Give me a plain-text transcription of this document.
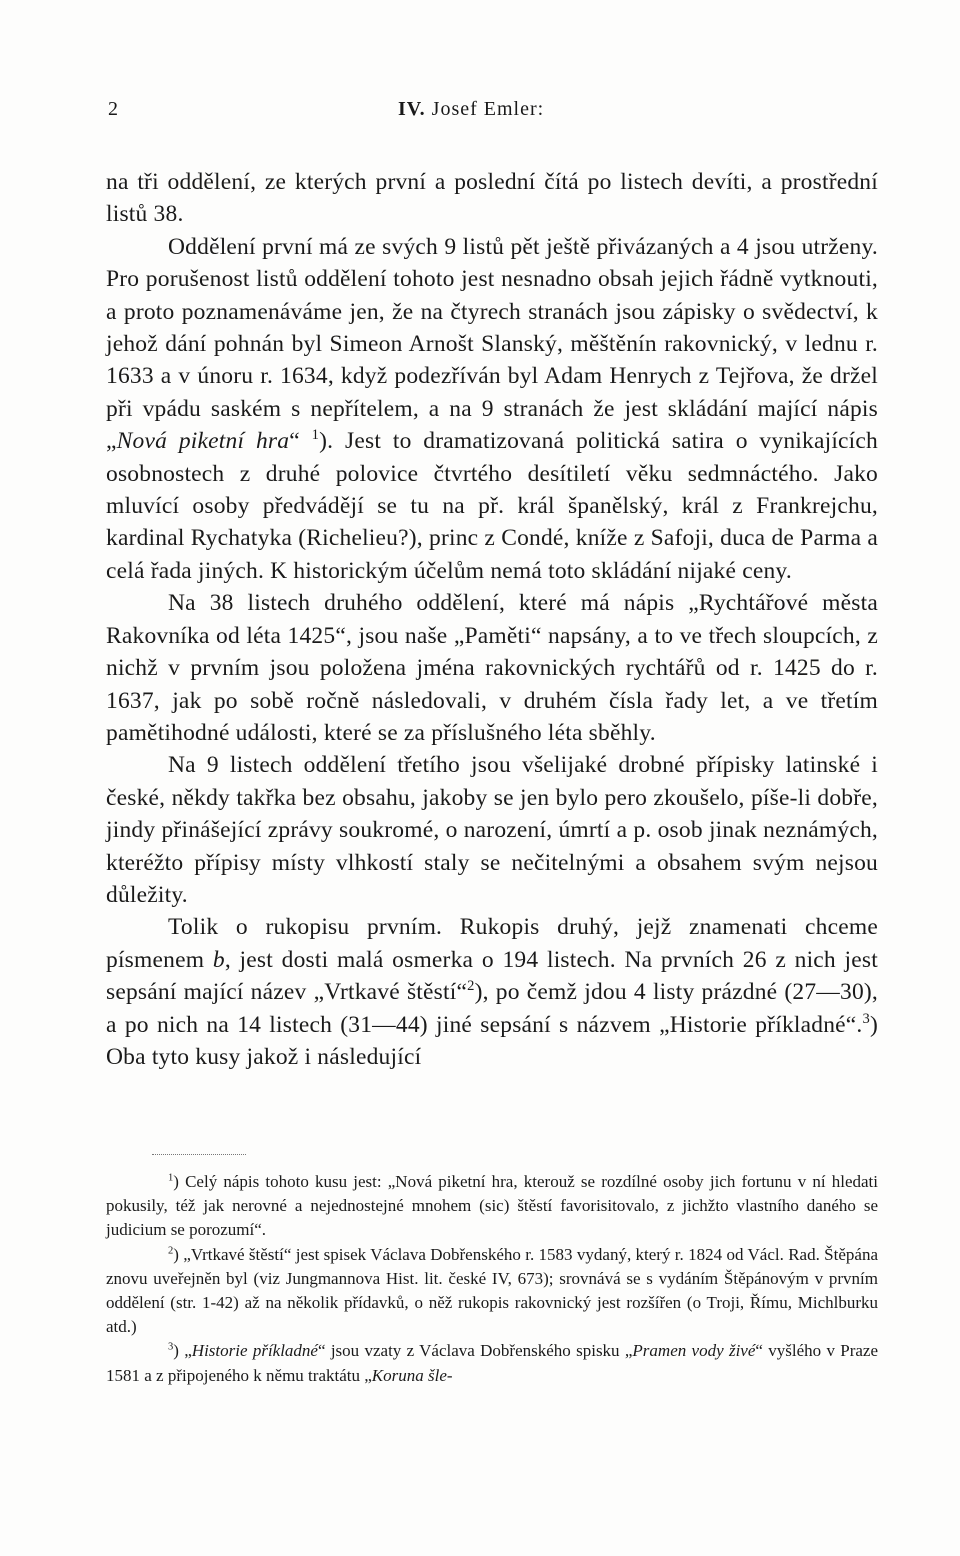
2	IV. Josef Emler:

na tři oddělení, ze kterých první a poslední čítá po listech devíti, a prostřední listů 38.

Oddělení první má ze svých 9 listů pět ještě přivázaných a 4 jsou utrženy. Pro porušenost listů oddělení tohoto jest nesnadno obsah jejich řádně vytknouti, a proto poznamenáváme jen, že na čtyrech stranách jsou zápisky o svědectví, k jehož dání pohnán byl Simeon Arnošt Slanský, měštěnín rakovnický, v lednu r. 1633 a v únoru r. 1634, když podezříván byl Adam Henrych z Tejřova, že držel při vpádu saském s nepřítelem, a na 9 stranách že jest skládání mající nápis „Nová piketní hra“ $^1$). Jest to dramatizovaná politická satira o vynikajících osobnostech z druhé polovice čtvrtého desítiletí věku sedmnáctého. Jako mluvící osoby předvádějí se tu na př. král španělský, král z Frankrejchu, kardinal Rychatyka (Richelieu?), princ z Condé, kníže z Safoji, duca de Parma a celá řada jiných. K historickým účelům nemá toto skládání nijaké ceny.

Na 38 listech druhého oddělení, které má nápis „Rychtářové města Rakovníka od léta 1425“, jsou naše „Paměti“ napsány, a to ve třech sloupcích, z nichž v prvním jsou položena jména rakovnických rychtářů od r. 1425 do r. 1637, jak po sobě ročně následovali, v druhém čísla řady let, a ve třetím pamětihodné události, které se za příslušného léta sběhly.

Na 9 listech oddělení třetího jsou všelijaké drobné přípisky latinské i české, někdy takřka bez obsahu, jakoby se jen bylo pero zkoušelo, píše-li dobře, jindy přinášející zprávy soukromé, o narození, úmrtí a p. osob jinak neznámých, kteréžto přípisy místy vlhkostí staly se nečitelnými a obsahem svým nejsou důležity.

Tolik o rukopisu prvním. Rukopis druhý, jejž znamenati chceme písmenem b, jest dosti malá osmerka o 194 listech. Na prvních 26 z nich jest sepsání mající název „Vrtkavé štěstí“$^2$), po čemž jdou 4 listy prázdné (27—30), a po nich na 14 listech (31—44) jiné sepsání s názvem „Historie příkladné“.$^3$) Oba tyto kusy jakož i následující

$^1$) Celý nápis tohoto kusu jest: „Nová piketní hra, kterouž se rozdílné osoby jich fortunu v ní hledati pokusily, též jak nerovné a nejednostejné mnohem (sic) štěstí favorisitovalo, z jichžto vlastního daného se judicium se porozumí“.

$^2$) „Vrtkavé štěstí“ jest spisek Václava Dobřenského r. 1583 vydaný, který r. 1824 od Václ. Rad. Štěpána znovu uveřejněn byl (viz Jungmannova Hist. lit. české IV, 673); srovnává se s vydáním Štěpánovým v prvním oddělení (str. 1-42) až na několik přídavků, o něž rukopis rakovnický jest rozšířen (o Troji, Římu, Michlburku atd.)

$^3$) „Historie příkladné“ jsou vzaty z Václava Dobřenského spisku „Pramen vody živé“ vyšlého v Praze 1581 a z připojeného k němu traktátu „Koruna šle-
